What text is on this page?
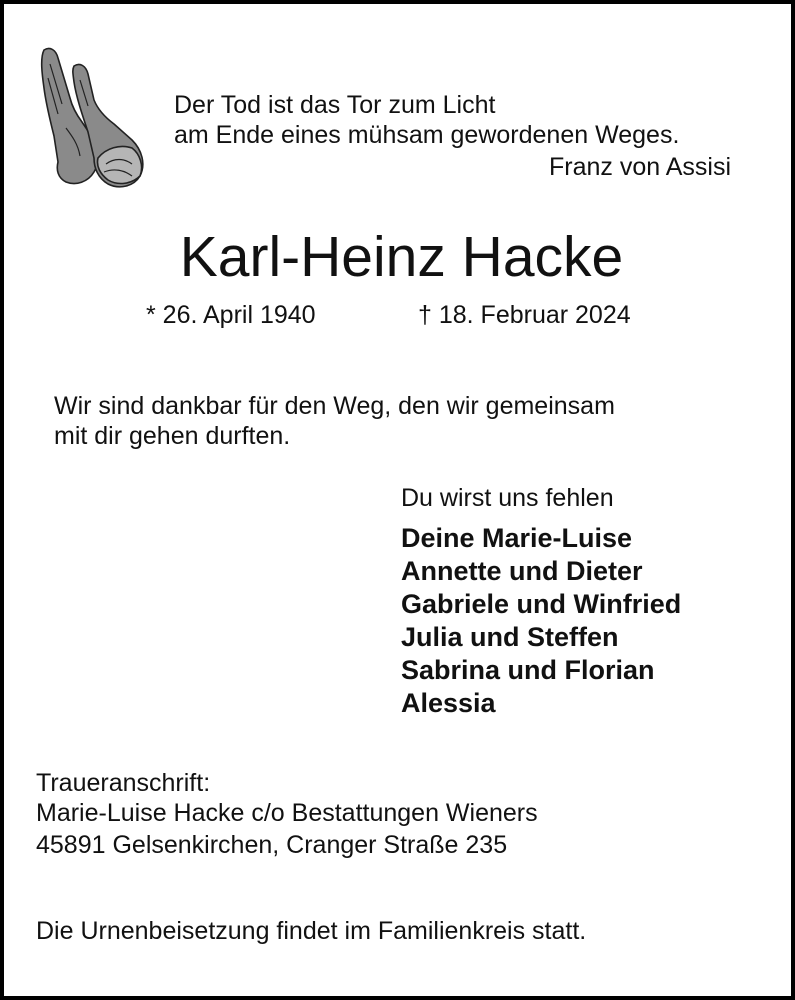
Der Tod ist das Tor zum Licht
am Ende eines mühsam gewordenen Weges.
Franz von Assisi
Karl-Heinz Hacke
* 26. April 1940	† 18. Februar 2024
Wir sind dankbar für den Weg, den wir gemeinsam
mit dir gehen durften.
Du wirst uns fehlen
Deine Marie-Luise
Annette und Dieter
Gabriele und Winfried
Julia und Steffen
Sabrina und Florian
Alessia
Traueranschrift:
Marie-Luise Hacke c/o Bestattungen Wieners
45891 Gelsenkirchen, Cranger Straße 235
Die Urnenbeisetzung findet im Familienkreis statt.
